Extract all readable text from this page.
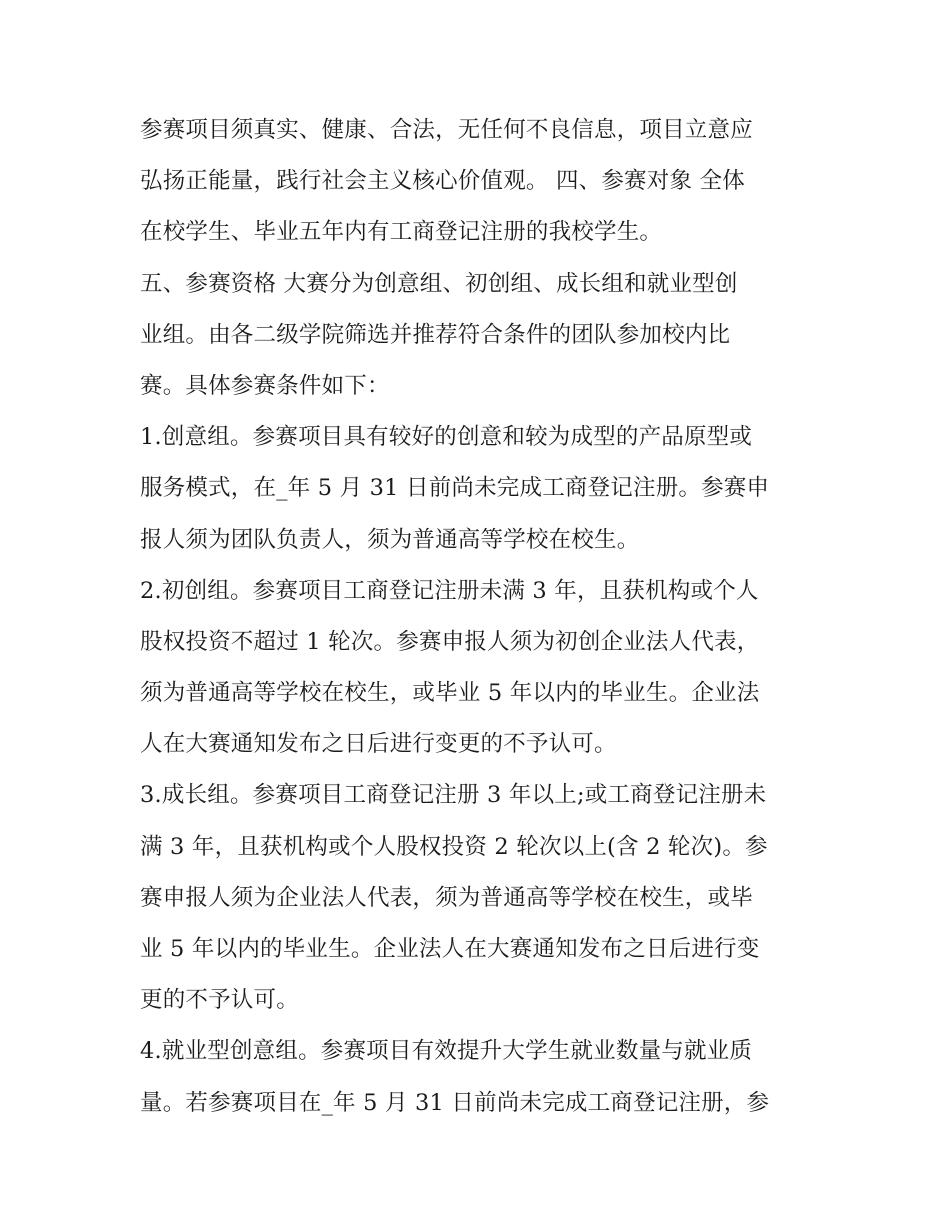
参赛项目须真实、健康、合法，无任何不良信息，项目立意应
弘扬正能量，践行社会主义核心价值观。 四、参赛对象 全体
在校学生、毕业五年内有工商登记注册的我校学生。
五、参赛资格 大赛分为创意组、初创组、成长组和就业型创
业组。由各二级学院筛选并推荐符合条件的团队参加校内比
赛。具体参赛条件如下：
1.创意组。参赛项目具有较好的创意和较为成型的产品原型或
服务模式，在_年 5 月 31 日前尚未完成工商登记注册。参赛申
报人须为团队负责人，须为普通高等学校在校生。
2.初创组。参赛项目工商登记注册未满 3 年，且获机构或个人
股权投资不超过 1 轮次。参赛申报人须为初创企业法人代表，
须为普通高等学校在校生，或毕业 5 年以内的毕业生。企业法
人在大赛通知发布之日后进行变更的不予认可。
3.成长组。参赛项目工商登记注册 3 年以上;或工商登记注册未
满 3 年，且获机构或个人股权投资 2 轮次以上(含 2 轮次)。参
赛申报人须为企业法人代表，须为普通高等学校在校生，或毕
业 5 年以内的毕业生。企业法人在大赛通知发布之日后进行变
更的不予认可。
4.就业型创意组。参赛项目有效提升大学生就业数量与就业质
量。若参赛项目在_年 5 月 31 日前尚未完成工商登记注册，参
